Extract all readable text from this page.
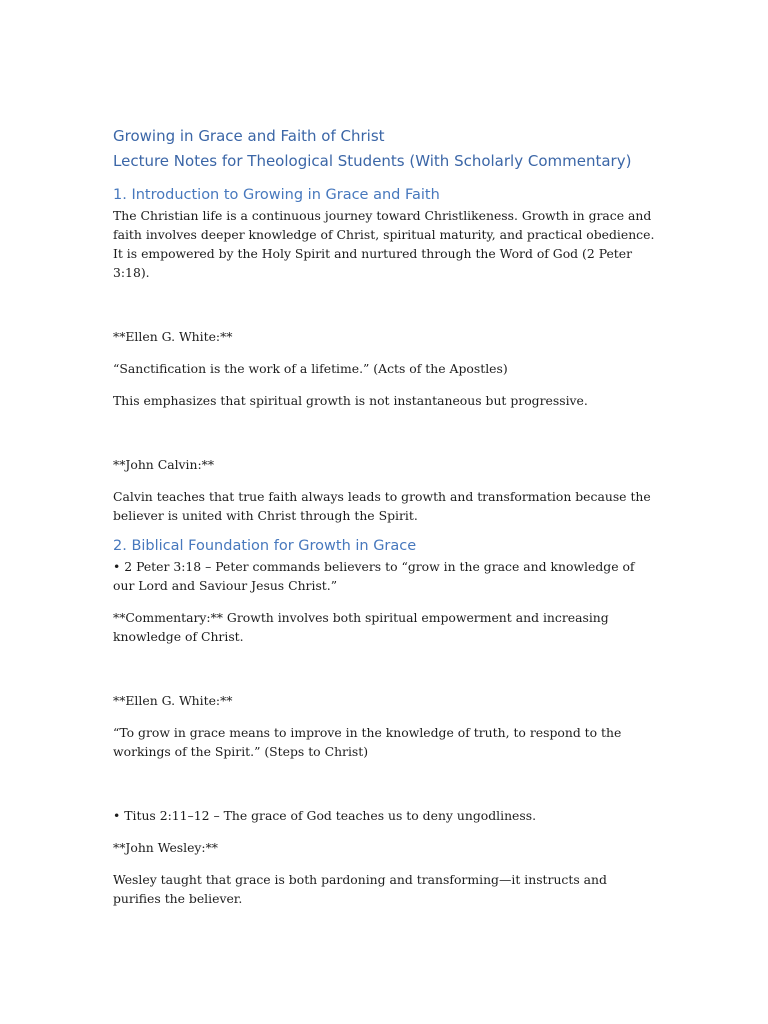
Growing in Grace and Faith of Christ
Lecture Notes for Theological Students (With Scholarly Commentary)
1. Introduction to Growing in Grace and Faith

The Christian life is a continuous journey toward Christlikeness. Growth in grace and faith involves deeper knowledge of Christ, spiritual maturity, and practical obedience. It is empowered by the Holy Spirit and nurtured through the Word of God (2 Peter 3:18).

**Ellen G. White:**

“Sanctification is the work of a lifetime.” (Acts of the Apostles)

This emphasizes that spiritual growth is not instantaneous but progressive.

**John Calvin:**

Calvin teaches that true faith always leads to growth and transformation because the believer is united with Christ through the Spirit.

2. Biblical Foundation for Growth in Grace

• 2 Peter 3:18 – Peter commands believers to “grow in the grace and knowledge of our Lord and Saviour Jesus Christ.”

**Commentary:** Growth involves both spiritual empowerment and increasing knowledge of Christ.

**Ellen G. White:**

“To grow in grace means to improve in the knowledge of truth, to respond to the workings of the Spirit.” (Steps to Christ)

• Titus 2:11–12 – The grace of God teaches us to deny ungodliness.

**John Wesley:**

Wesley taught that grace is both pardoning and transforming—it instructs and purifies the believer.
